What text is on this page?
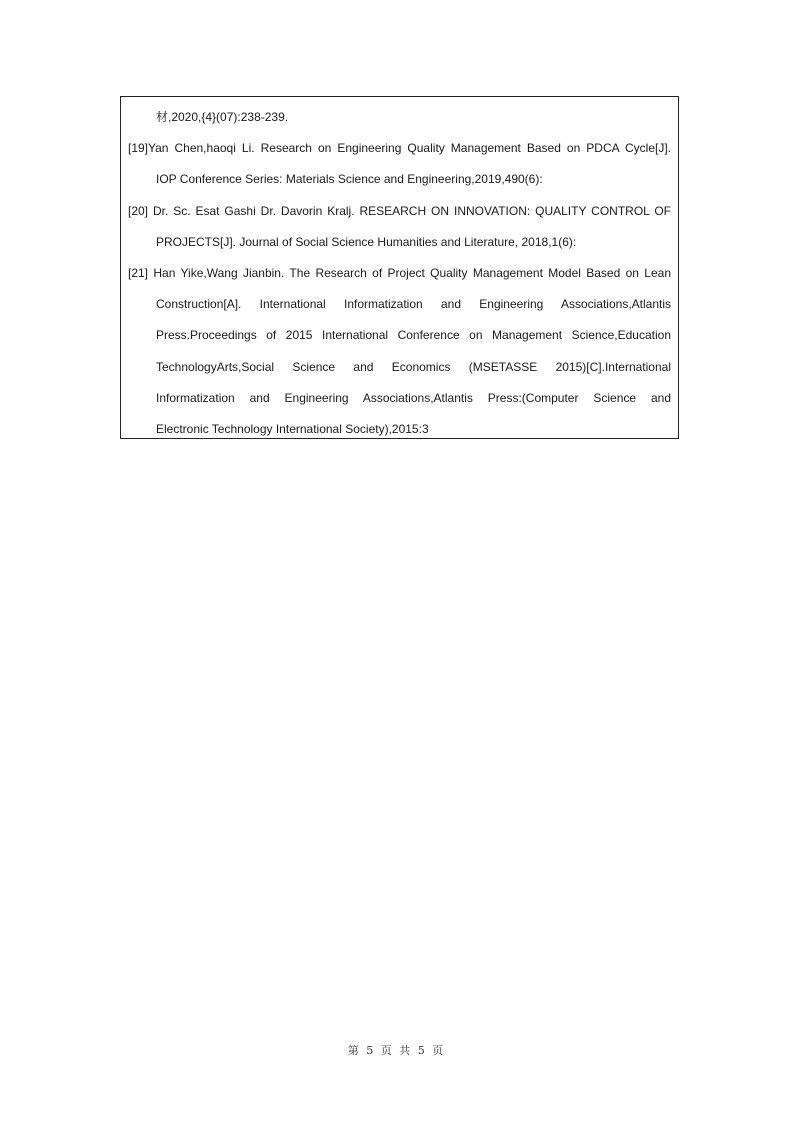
材,2020,{4}(07):238-239.
[19]Yan Chen,haoqi Li. Research on Engineering Quality Management Based on PDCA Cycle[J].
IOP Conference Series: Materials Science and Engineering,2019,490(6):
[20] Dr. Sc. Esat Gashi Dr. Davorin Kralj. RESEARCH ON INNOVATION: QUALITY CONTROL OF
PROJECTS[J]. Journal of Social Science Humanities and Literature, 2018,1(6):
[21] Han Yike,Wang Jianbin. The Research of Project Quality Management Model Based on Lean
Construction[A]. International Informatization and Engineering Associations,Atlantis
Press.Proceedings of 2015 International Conference on Management Science,Education
TechnologyArts,Social Science and Economics (MSETASSE 2015)[C].International
Informatization and Engineering Associations,Atlantis Press:(Computer Science and
Electronic Technology International Society),2015:3
第 5 页 共 5 页
